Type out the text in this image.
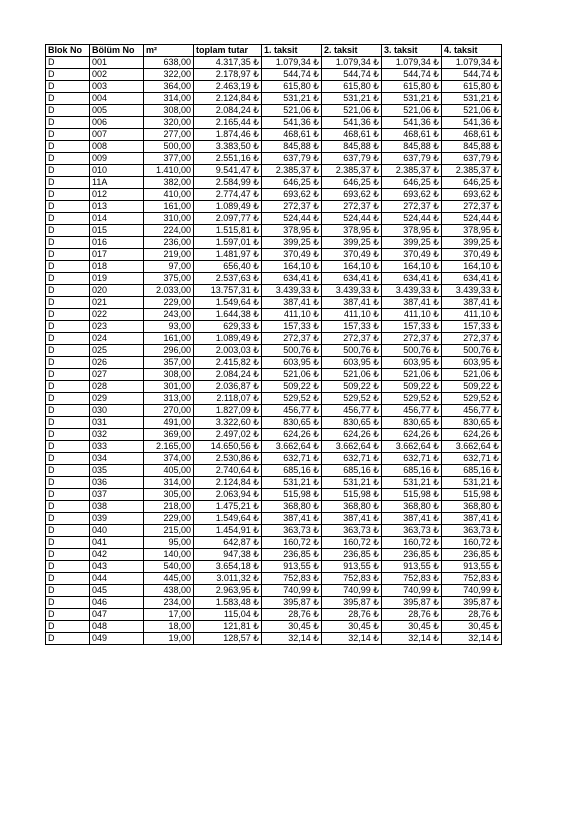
Blok No	Bölüm No	m²	toplam tutar	1. taksit	2. taksit	3. taksit	4. taksit
D	001	638,00	4.317,35 ₺	1.079,34 ₺	1.079,34 ₺	1.079,34 ₺	1.079,34 ₺
D	002	322,00	2.178,97 ₺	544,74 ₺	544,74 ₺	544,74 ₺	544,74 ₺
D	003	364,00	2.463,19 ₺	615,80 ₺	615,80 ₺	615,80 ₺	615,80 ₺
D	004	314,00	2.124,84 ₺	531,21 ₺	531,21 ₺	531,21 ₺	531,21 ₺
D	005	308,00	2.084,24 ₺	521,06 ₺	521,06 ₺	521,06 ₺	521,06 ₺
D	006	320,00	2.165,44 ₺	541,36 ₺	541,36 ₺	541,36 ₺	541,36 ₺
D	007	277,00	1.874,46 ₺	468,61 ₺	468,61 ₺	468,61 ₺	468,61 ₺
D	008	500,00	3.383,50 ₺	845,88 ₺	845,88 ₺	845,88 ₺	845,88 ₺
D	009	377,00	2.551,16 ₺	637,79 ₺	637,79 ₺	637,79 ₺	637,79 ₺
D	010	1.410,00	9.541,47 ₺	2.385,37 ₺	2.385,37 ₺	2.385,37 ₺	2.385,37 ₺
D	11A	382,00	2.584,99 ₺	646,25 ₺	646,25 ₺	646,25 ₺	646,25 ₺
D	012	410,00	2.774,47 ₺	693,62 ₺	693,62 ₺	693,62 ₺	693,62 ₺
D	013	161,00	1.089,49 ₺	272,37 ₺	272,37 ₺	272,37 ₺	272,37 ₺
D	014	310,00	2.097,77 ₺	524,44 ₺	524,44 ₺	524,44 ₺	524,44 ₺
D	015	224,00	1.515,81 ₺	378,95 ₺	378,95 ₺	378,95 ₺	378,95 ₺
D	016	236,00	1.597,01 ₺	399,25 ₺	399,25 ₺	399,25 ₺	399,25 ₺
D	017	219,00	1.481,97 ₺	370,49 ₺	370,49 ₺	370,49 ₺	370,49 ₺
D	018	97,00	656,40 ₺	164,10 ₺	164,10 ₺	164,10 ₺	164,10 ₺
D	019	375,00	2.537,63 ₺	634,41 ₺	634,41 ₺	634,41 ₺	634,41 ₺
D	020	2.033,00	13.757,31 ₺	3.439,33 ₺	3.439,33 ₺	3.439,33 ₺	3.439,33 ₺
D	021	229,00	1.549,64 ₺	387,41 ₺	387,41 ₺	387,41 ₺	387,41 ₺
D	022	243,00	1.644,38 ₺	411,10 ₺	411,10 ₺	411,10 ₺	411,10 ₺
D	023	93,00	629,33 ₺	157,33 ₺	157,33 ₺	157,33 ₺	157,33 ₺
D	024	161,00	1.089,49 ₺	272,37 ₺	272,37 ₺	272,37 ₺	272,37 ₺
D	025	296,00	2.003,03 ₺	500,76 ₺	500,76 ₺	500,76 ₺	500,76 ₺
D	026	357,00	2.415,82 ₺	603,95 ₺	603,95 ₺	603,95 ₺	603,95 ₺
D	027	308,00	2.084,24 ₺	521,06 ₺	521,06 ₺	521,06 ₺	521,06 ₺
D	028	301,00	2.036,87 ₺	509,22 ₺	509,22 ₺	509,22 ₺	509,22 ₺
D	029	313,00	2.118,07 ₺	529,52 ₺	529,52 ₺	529,52 ₺	529,52 ₺
D	030	270,00	1.827,09 ₺	456,77 ₺	456,77 ₺	456,77 ₺	456,77 ₺
D	031	491,00	3.322,60 ₺	830,65 ₺	830,65 ₺	830,65 ₺	830,65 ₺
D	032	369,00	2.497,02 ₺	624,26 ₺	624,26 ₺	624,26 ₺	624,26 ₺
D	033	2.165,00	14.650,56 ₺	3.662,64 ₺	3.662,64 ₺	3.662,64 ₺	3.662,64 ₺
D	034	374,00	2.530,86 ₺	632,71 ₺	632,71 ₺	632,71 ₺	632,71 ₺
D	035	405,00	2.740,64 ₺	685,16 ₺	685,16 ₺	685,16 ₺	685,16 ₺
D	036	314,00	2.124,84 ₺	531,21 ₺	531,21 ₺	531,21 ₺	531,21 ₺
D	037	305,00	2.063,94 ₺	515,98 ₺	515,98 ₺	515,98 ₺	515,98 ₺
D	038	218,00	1.475,21 ₺	368,80 ₺	368,80 ₺	368,80 ₺	368,80 ₺
D	039	229,00	1.549,64 ₺	387,41 ₺	387,41 ₺	387,41 ₺	387,41 ₺
D	040	215,00	1.454,91 ₺	363,73 ₺	363,73 ₺	363,73 ₺	363,73 ₺
D	041	95,00	642,87 ₺	160,72 ₺	160,72 ₺	160,72 ₺	160,72 ₺
D	042	140,00	947,38 ₺	236,85 ₺	236,85 ₺	236,85 ₺	236,85 ₺
D	043	540,00	3.654,18 ₺	913,55 ₺	913,55 ₺	913,55 ₺	913,55 ₺
D	044	445,00	3.011,32 ₺	752,83 ₺	752,83 ₺	752,83 ₺	752,83 ₺
D	045	438,00	2.963,95 ₺	740,99 ₺	740,99 ₺	740,99 ₺	740,99 ₺
D	046	234,00	1.583,48 ₺	395,87 ₺	395,87 ₺	395,87 ₺	395,87 ₺
D	047	17,00	115,04 ₺	28,76 ₺	28,76 ₺	28,76 ₺	28,76 ₺
D	048	18,00	121,81 ₺	30,45 ₺	30,45 ₺	30,45 ₺	30,45 ₺
D	049	19,00	128,57 ₺	32,14 ₺	32,14 ₺	32,14 ₺	32,14 ₺
